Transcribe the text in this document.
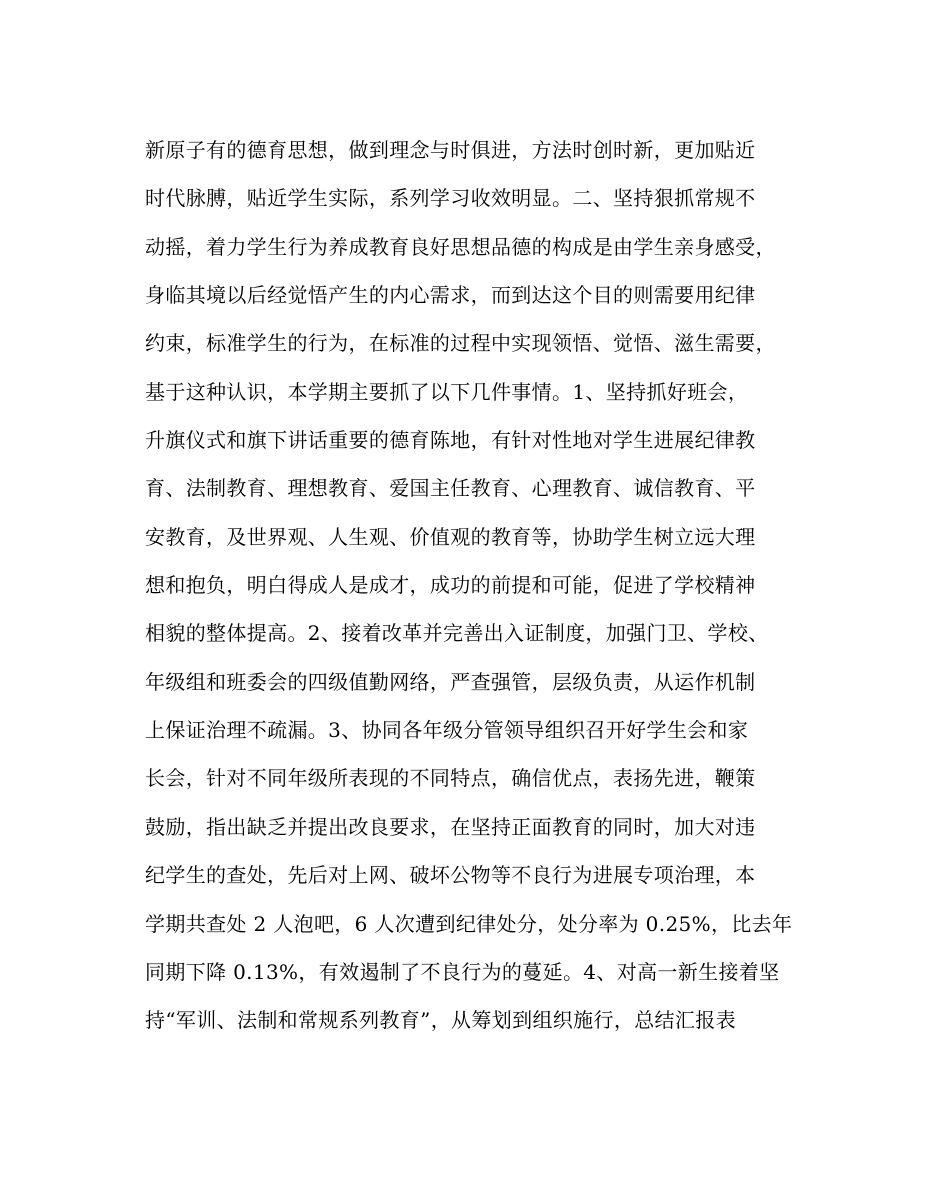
新原子有的德育思想，做到理念与时俱进，方法时创时新，更加贴近
时代脉膊，贴近学生实际，系列学习收效明显。二、坚持狠抓常规不
动摇，着力学生行为养成教育良好思想品德的构成是由学生亲身感受，
身临其境以后经觉悟产生的内心需求，而到达这个目的则需要用纪律
约束，标准学生的行为，在标准的过程中实现领悟、觉悟、滋生需要，
基于这种认识，本学期主要抓了以下几件事情。1、坚持抓好班会，
升旗仪式和旗下讲话重要的德育陈地，有针对性地对学生进展纪律教
育、法制教育、理想教育、爱国主任教育、心理教育、诚信教育、平
安教育，及世界观、人生观、价值观的教育等，协助学生树立远大理
想和抱负，明白得成人是成才，成功的前提和可能，促进了学校精神
相貌的整体提高。2、接着改革并完善出入证制度，加强门卫、学校、
年级组和班委会的四级值勤网络，严查强管，层级负责，从运作机制
上保证治理不疏漏。3、协同各年级分管领导组织召开好学生会和家
长会，针对不同年级所表现的不同特点，确信优点，表扬先进，鞭策
鼓励，指出缺乏并提出改良要求，在坚持正面教育的同时，加大对违
纪学生的查处，先后对上网、破坏公物等不良行为进展专项治理，本
学期共查处 2 人泡吧，6 人次遭到纪律处分，处分率为 0.25%，比去年
同期下降 0.13%，有效遏制了不良行为的蔓延。4、对高一新生接着坚
持“军训、法制和常规系列教育”，从筹划到组织施行，总结汇报表
